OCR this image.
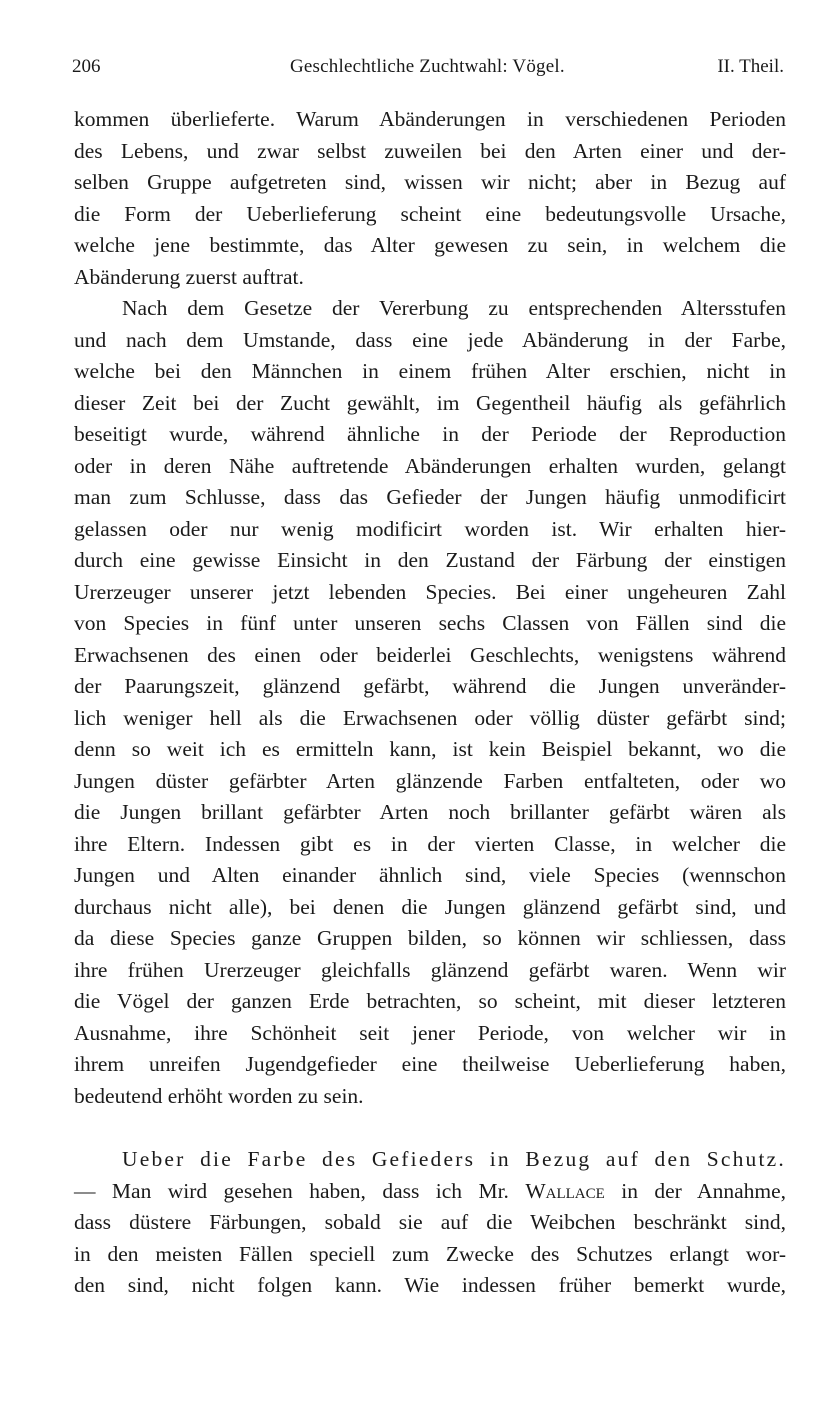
206	Geschlechtliche Zuchtwahl: Vögel.	II. Theil.
kommen überlieferte. Warum Abänderungen in verschiedenen Perioden
des Lebens, und zwar selbst zuweilen bei den Arten einer und der-
selben Gruppe aufgetreten sind, wissen wir nicht; aber in Bezug auf
die Form der Ueberlieferung scheint eine bedeutungsvolle Ursache,
welche jene bestimmte, das Alter gewesen zu sein, in welchem die
Abänderung zuerst auftrat.
Nach dem Gesetze der Vererbung zu entsprechenden Altersstufen
und nach dem Umstande, dass eine jede Abänderung in der Farbe,
welche bei den Männchen in einem frühen Alter erschien, nicht in
dieser Zeit bei der Zucht gewählt, im Gegentheil häufig als gefährlich
beseitigt wurde, während ähnliche in der Periode der Reproduction
oder in deren Nähe auftretende Abänderungen erhalten wurden, gelangt
man zum Schlusse, dass das Gefieder der Jungen häufig unmodificirt
gelassen oder nur wenig modificirt worden ist. Wir erhalten hier-
durch eine gewisse Einsicht in den Zustand der Färbung der einstigen
Urerzeuger unserer jetzt lebenden Species. Bei einer ungeheuren Zahl
von Species in fünf unter unseren sechs Classen von Fällen sind die
Erwachsenen des einen oder beiderlei Geschlechts, wenigstens während
der Paarungszeit, glänzend gefärbt, während die Jungen unveränder-
lich weniger hell als die Erwachsenen oder völlig düster gefärbt sind;
denn so weit ich es ermitteln kann, ist kein Beispiel bekannt, wo die
Jungen düster gefärbter Arten glänzende Farben entfalteten, oder wo
die Jungen brillant gefärbter Arten noch brillanter gefärbt wären als
ihre Eltern. Indessen gibt es in der vierten Classe, in welcher die
Jungen und Alten einander ähnlich sind, viele Species (wennschon
durchaus nicht alle), bei denen die Jungen glänzend gefärbt sind, und
da diese Species ganze Gruppen bilden, so können wir schliessen, dass
ihre frühen Urerzeuger gleichfalls glänzend gefärbt waren. Wenn wir
die Vögel der ganzen Erde betrachten, so scheint, mit dieser letzteren
Ausnahme, ihre Schönheit seit jener Periode, von welcher wir in
ihrem unreifen Jugendgefieder eine theilweise Ueberlieferung haben,
bedeutend erhöht worden zu sein.
Ueber die Farbe des Gefieders in Bezug auf den Schutz.
— Man wird gesehen haben, dass ich Mr. Wallace in der Annahme,
dass düstere Färbungen, sobald sie auf die Weibchen beschränkt sind,
in den meisten Fällen speciell zum Zwecke des Schutzes erlangt wor-
den sind, nicht folgen kann. Wie indessen früher bemerkt wurde,
